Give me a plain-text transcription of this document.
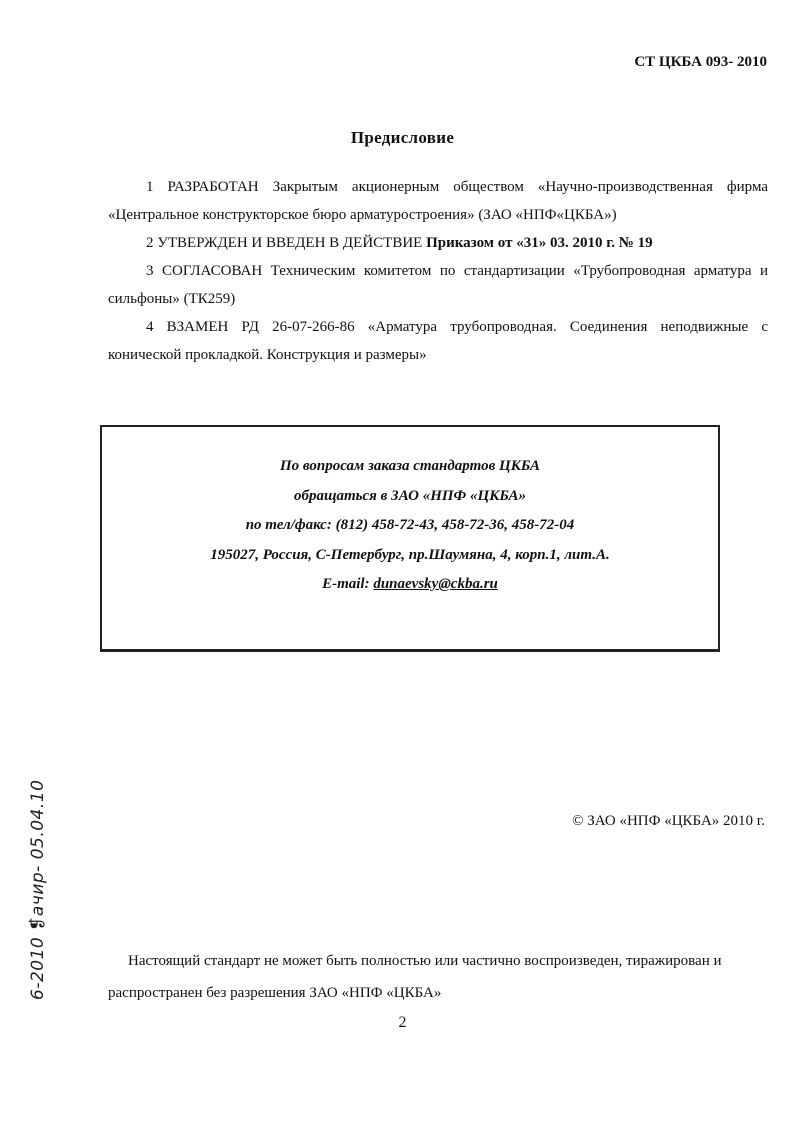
СТ ЦКБА 093- 2010
Предисловие
1 РАЗРАБОТАН Закрытым акционерным обществом «Научно-производственная фирма «Центральное конструкторское бюро арматуростроения» (ЗАО «НПФ«ЦКБА»)
2 УТВЕРЖДЕН И ВВЕДЕН В ДЕЙСТВИЕ Приказом от «31» 03. 2010 г. № 19
3 СОГЛАСОВАН Техническим комитетом по стандартизации «Трубопроводная арматура и сильфоны» (ТК259)
4 ВЗАМЕН РД 26-07-266-86 «Арматура трубопроводная. Соединения неподвижные с конической прокладкой. Конструкция и размеры»
По вопросам заказа стандартов ЦКБА
обращаться в ЗАО «НПФ «ЦКБА»
по тел/факс: (812) 458-72-43, 458-72-36, 458-72-04
195027, Россия, С-Петербург, пр.Шаумяна, 4, корп.1, лит.А.
E-mail: dunaevsky@ckba.ru
© ЗАО «НПФ «ЦКБА» 2010 г.
Настоящий стандарт не может быть полностью или частично воспроизведен, тиражирован и распространен без разрешения ЗАО «НПФ «ЦКБА»
2
6-2010 ❡ачир- 05.04.10
